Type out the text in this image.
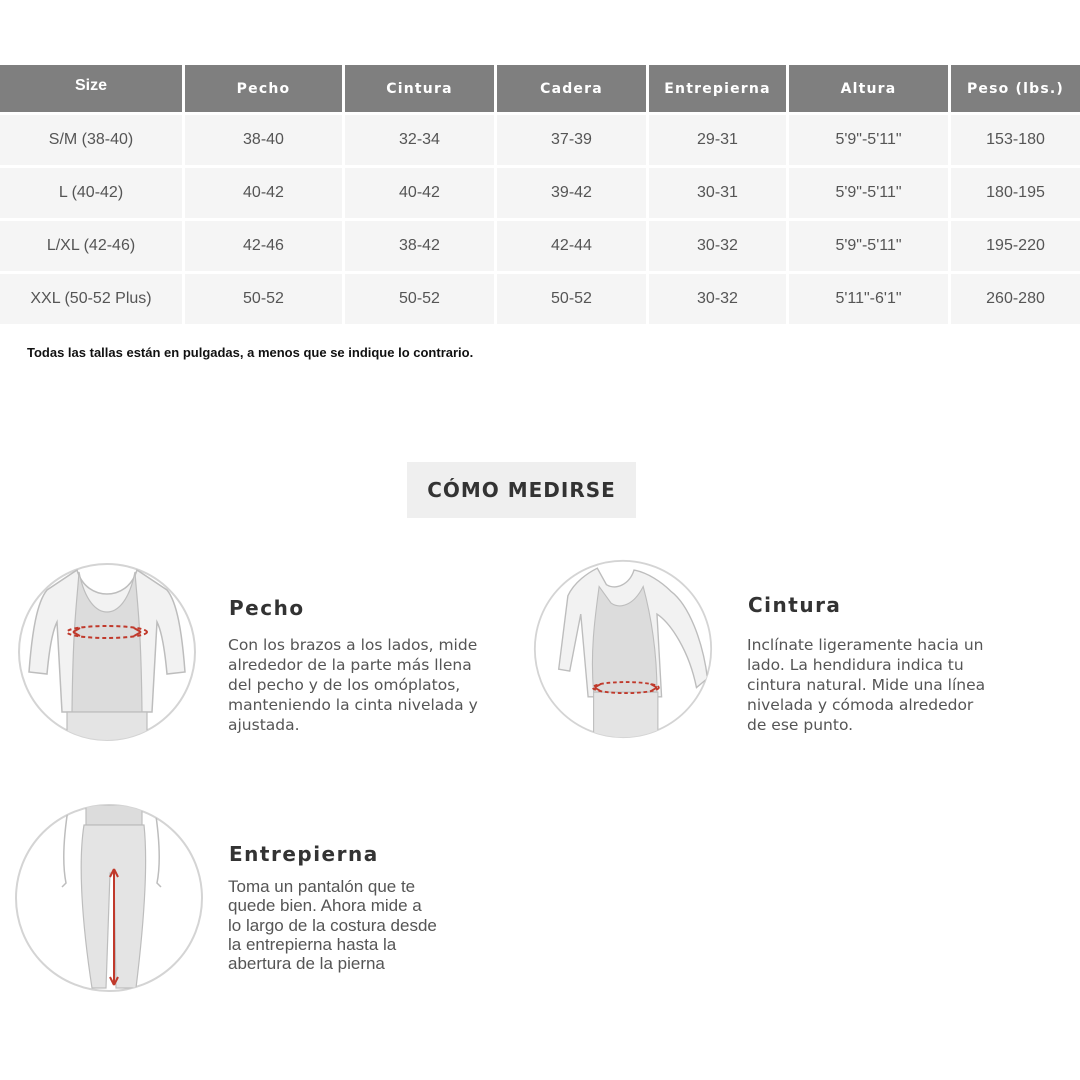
Size	Pecho	Cintura	Cadera	Entrepierna	Altura	Peso (lbs.)
S/M (38-40)	38-40	32-34	37-39	29-31	5'9"-5'11"	153-180
L (40-42)	40-42	40-42	39-42	30-31	5'9"-5'11"	180-195
L/XL (42-46)	42-46	38-42	42-44	30-32	5'9"-5'11"	195-220
XXL (50-52 Plus)	50-52	50-52	50-52	30-32	5'11"-6'1"	260-280
Todas las tallas están en pulgadas, a menos que se indique lo contrario.
CÓMO MEDIRSE
Pecho
Con los brazos a los lados, mide
alrededor de la parte más llena
del pecho y de los omóplatos,
manteniendo la cinta nivelada y
ajustada.
Cintura
Inclínate ligeramente hacia un
lado. La hendidura indica tu
cintura natural. Mide una línea
nivelada y cómoda alrededor
de ese punto.
Entrepierna
Toma un pantalón que te
quede bien. Ahora mide a
lo largo de la costura desde
la entrepierna hasta la
abertura de la pierna
